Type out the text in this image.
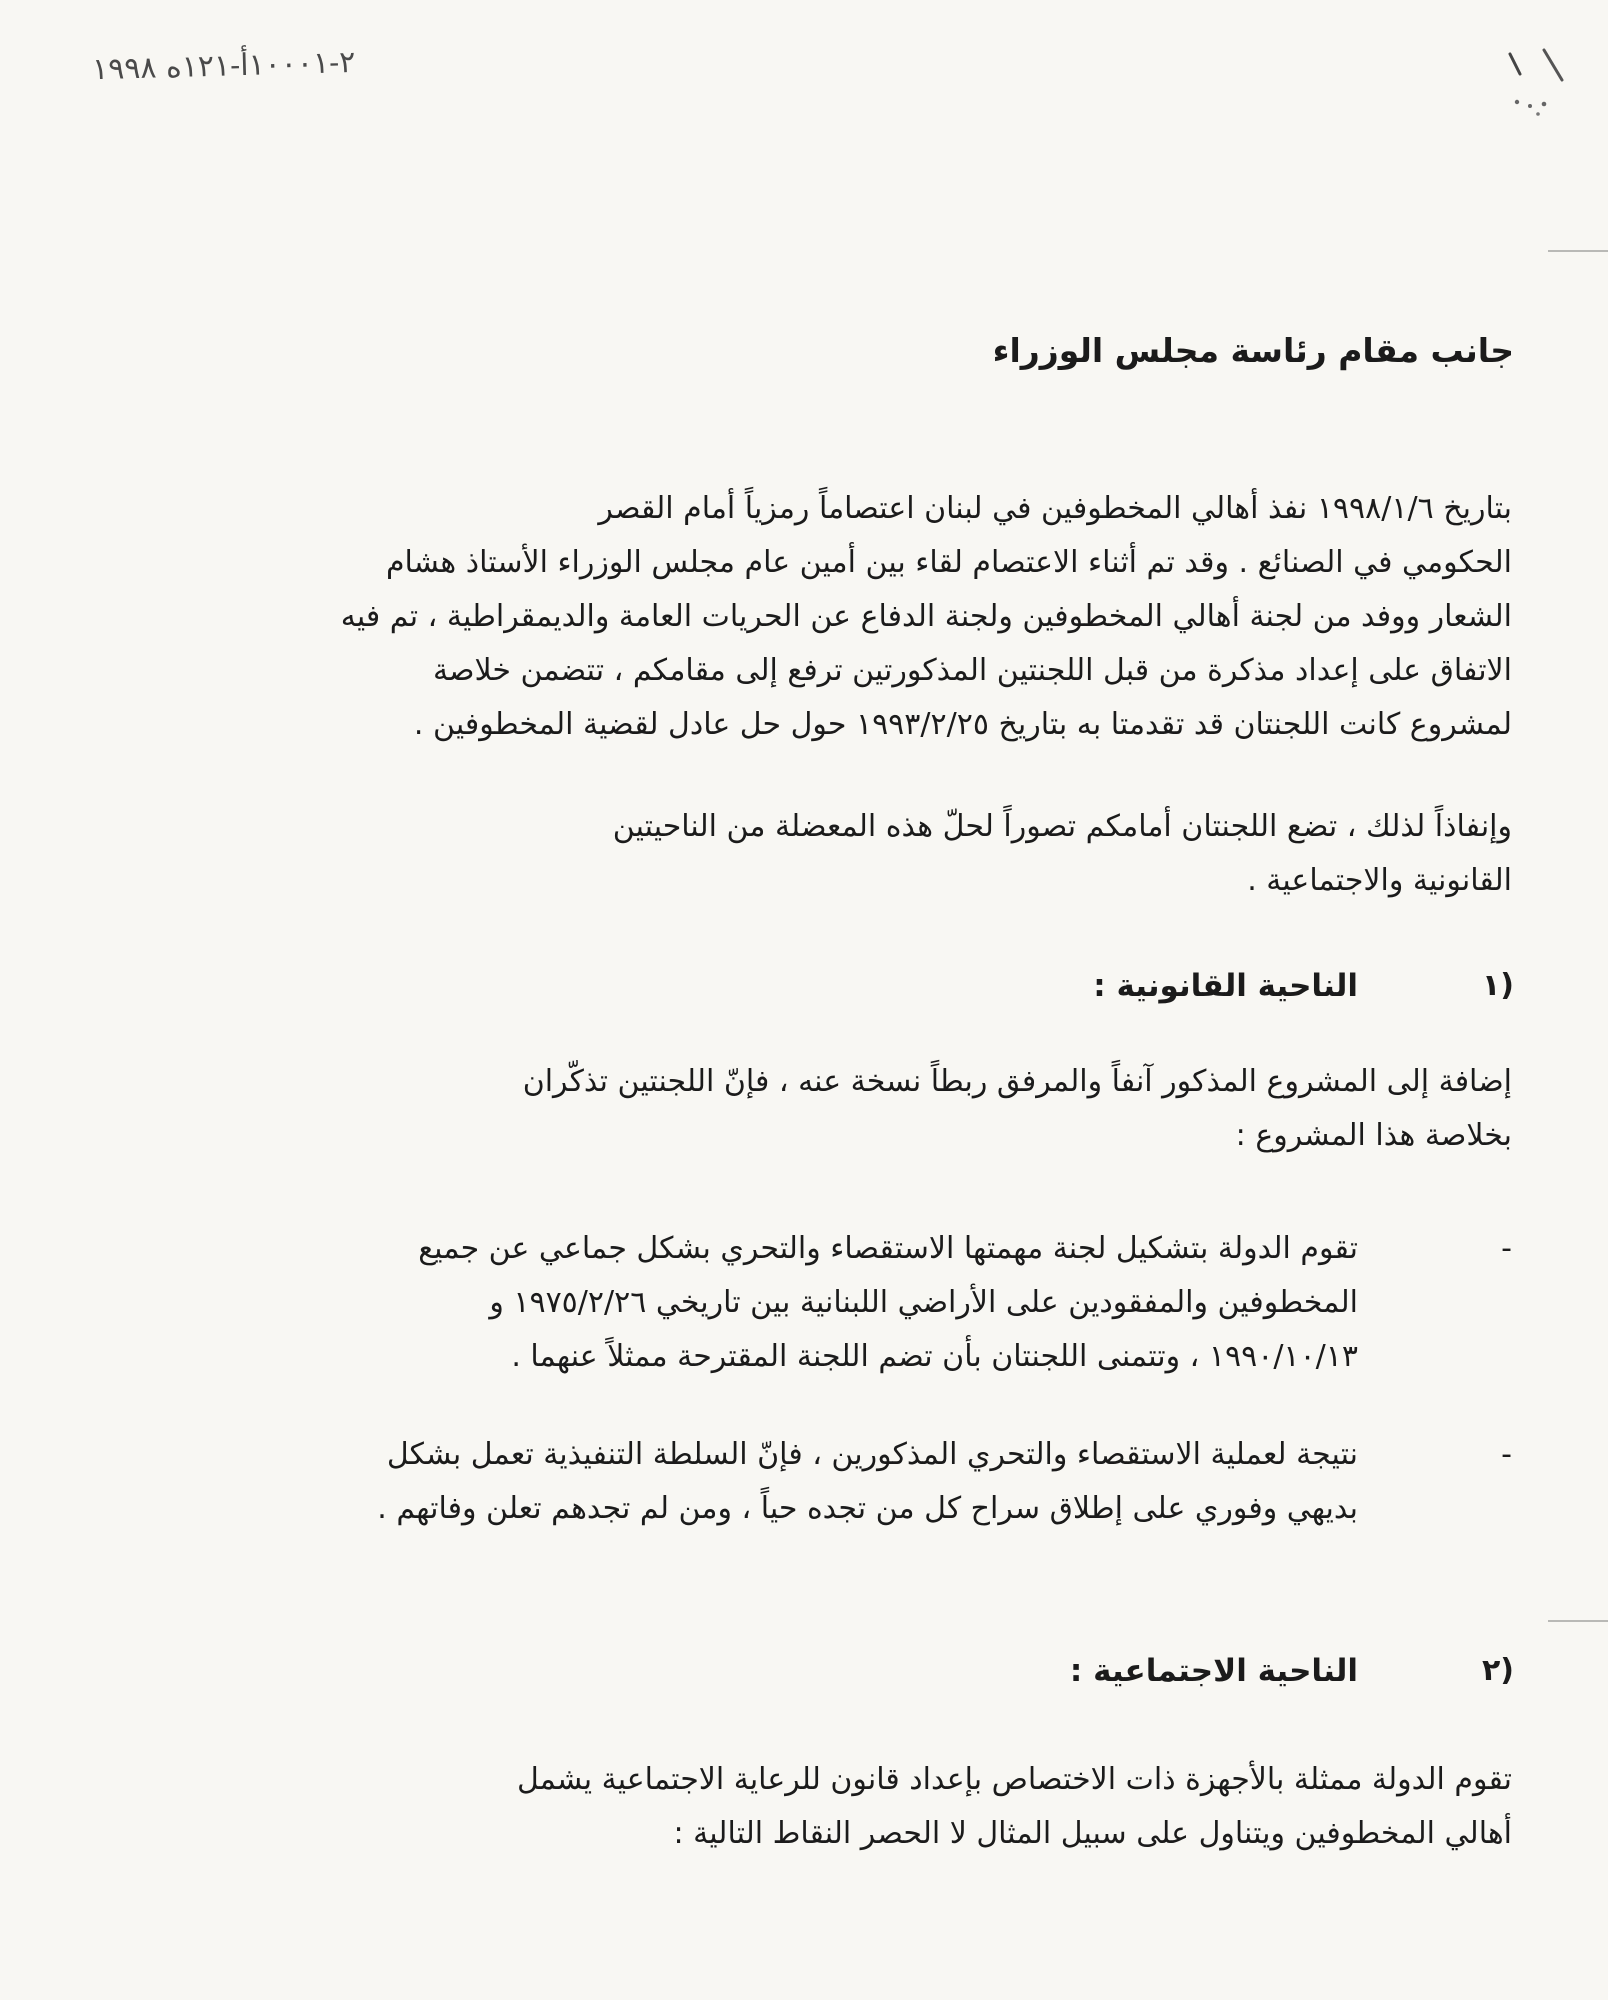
٢-١٠٠٠١أ-١٢١ه ١٩٩٨
جانب مقام رئاسة مجلس الوزراء
بتاريخ ١٩٩٨/١/٦ نفذ أهالي المخطوفين في لبنان اعتصاماً رمزياً أمام القصر
الحكومي في الصنائع . وقد تم أثناء الاعتصام لقاء بين أمين عام مجلس الوزراء الأستاذ هشام
الشعار ووفد من لجنة أهالي المخطوفين ولجنة الدفاع عن الحريات العامة والديمقراطية ، تم فيه
الاتفاق على إعداد مذكرة من قبل اللجنتين المذكورتين ترفع إلى مقامكم ، تتضمن خلاصة
لمشروع كانت اللجنتان قد تقدمتا به بتاريخ ١٩٩٣/٢/٢٥ حول حل عادل لقضية المخطوفين .
وإنفاذاً لذلك ، تضع اللجنتان أمامكم تصوراً لحلّ هذه المعضلة من الناحيتين
القانونية والاجتماعية .
١)
الناحية القانونية :
إضافة إلى المشروع المذكور آنفاً والمرفق ربطاً نسخة عنه ، فإنّ اللجنتين تذكّران
بخلاصة هذا المشروع :
-
تقوم الدولة بتشكيل لجنة مهمتها الاستقصاء والتحري بشكل جماعي عن جميع
المخطوفين والمفقودين على الأراضي اللبنانية بين تاريخي ١٩٧٥/٢/٢٦ و
١٩٩٠/١٠/١٣ ، وتتمنى اللجنتان بأن تضم اللجنة المقترحة ممثلاً عنهما .
-
نتيجة لعملية الاستقصاء والتحري المذكورين ، فإنّ السلطة التنفيذية تعمل بشكل
بديهي وفوري على إطلاق سراح كل من تجده حياً ، ومن لم تجدهم تعلن وفاتهم .
٢)
الناحية الاجتماعية :
تقوم الدولة ممثلة بالأجهزة ذات الاختصاص بإعداد قانون للرعاية الاجتماعية يشمل
أهالي المخطوفين ويتناول على سبيل المثال لا الحصر النقاط التالية :
